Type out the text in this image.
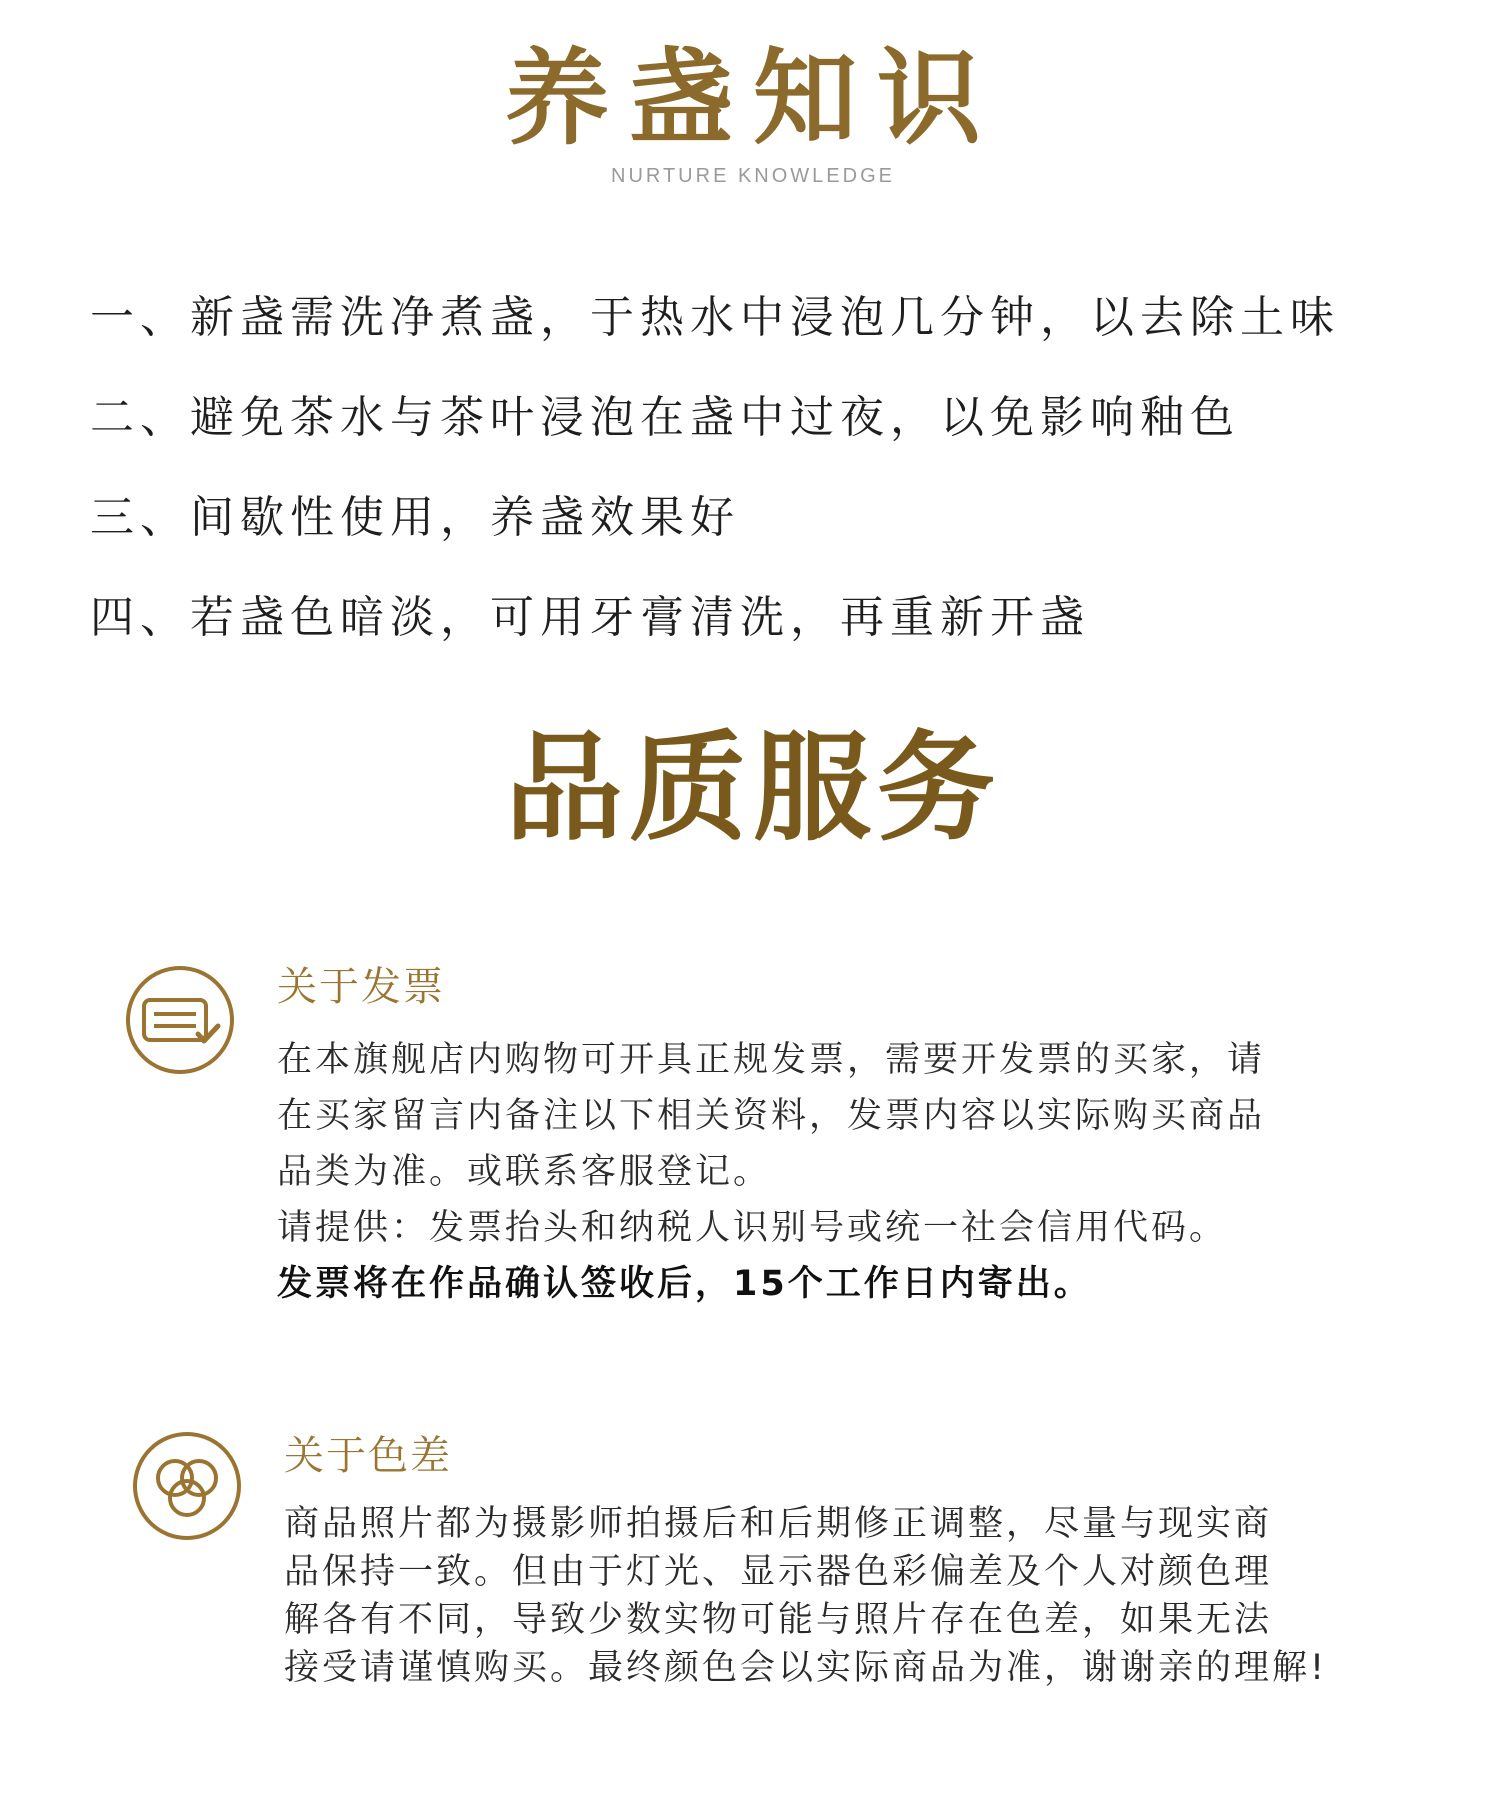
养盏知识
NURTURE KNOWLEDGE
一、新盏需洗净煮盏，于热水中浸泡几分钟，以去除土味
二、避免茶水与茶叶浸泡在盏中过夜，以免影响釉色
三、间歇性使用，养盏效果好
四、若盏色暗淡，可用牙膏清洗，再重新开盏
品质服务
关于发票

在本旗舰店内购物可开具正规发票，需要开发票的买家，请

在买家留言内备注以下相关资料，发票内容以实际购买商品

品类为准。或联系客服登记。

请提供：发票抬头和纳税人识别号或统一社会信用代码。

发票将在作品确认签收后，15个工作日内寄出。

关于色差

商品照片都为摄影师拍摄后和后期修正调整，尽量与现实商

品保持一致。但由于灯光、显示器色彩偏差及个人对颜色理

解各有不同，导致少数实物可能与照片存在色差，如果无法

接受请谨慎购买。最终颜色会以实际商品为准，谢谢亲的理解!
